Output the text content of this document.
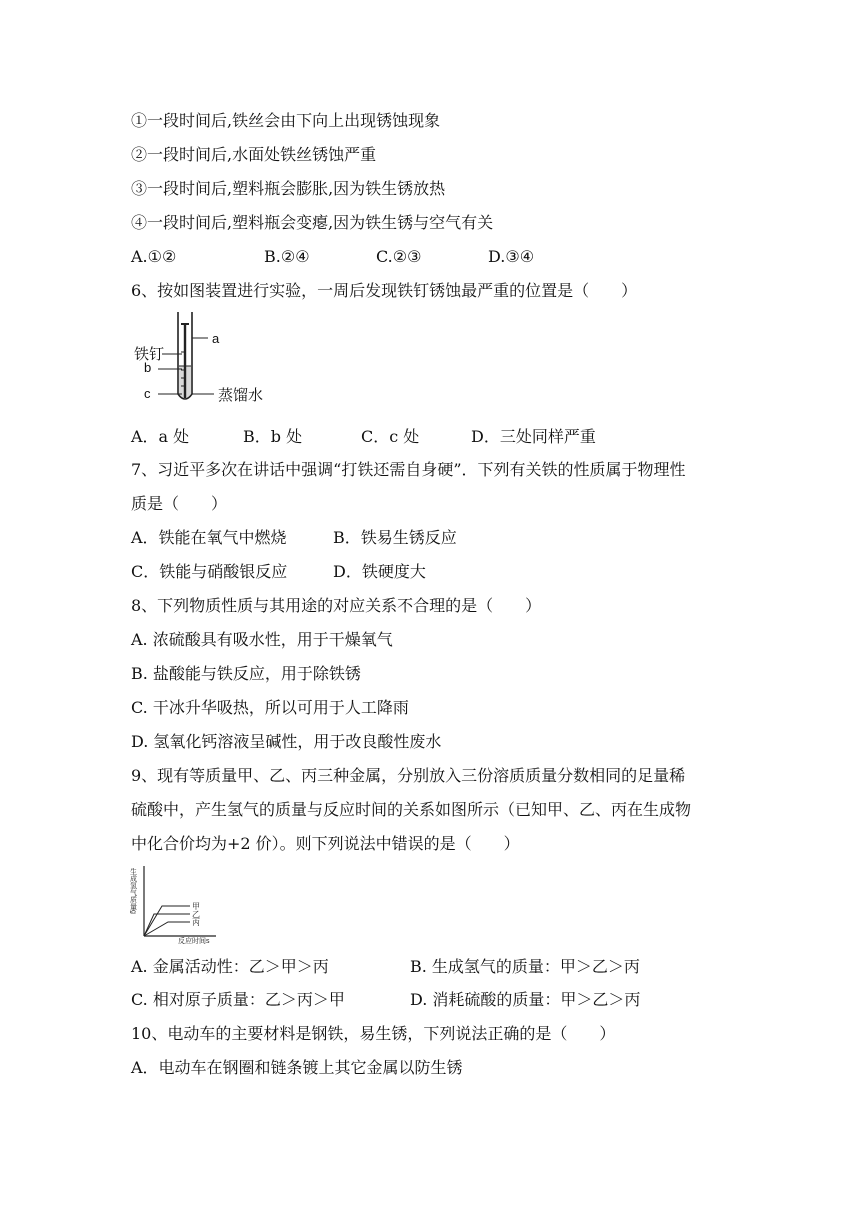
①一段时间后,铁丝会由下向上出现锈蚀现象
②一段时间后,水面处铁丝锈蚀严重
③一段时间后,塑料瓶会膨胀,因为铁生锈放热
④一段时间后,塑料瓶会变瘪,因为铁生锈与空气有关
A.①②	B.②④	C.②③	D.③④
6、按如图装置进行实验，一周后发现铁钉锈蚀最严重的位置是（　　）
铁钉
a
b
c	蒸馏水
A．a 处	B．b 处	C．c 处	D．三处同样严重
7、习近平多次在讲话中强调“打铁还需自身硬”．下列有关铁的性质属于物理性
质是（　　）
A．铁能在氧气中燃烧	B．铁易生锈反应
C．铁能与硝酸银反应	D．铁硬度大
8、下列物质性质与其用途的对应关系不合理的是（　　）
A. 浓硫酸具有吸水性，用于干燥氧气
B. 盐酸能与铁反应，用于除铁锈
C. 干冰升华吸热，所以可用于人工降雨
D. 氢氧化钙溶液呈碱性，用于改良酸性废水
9、现有等质量甲、乙、丙三种金属，分别放入三份溶质质量分数相同的足量稀
硫酸中，产生氢气的质量与反应时间的关系如图所示（已知甲、乙、丙在生成物
中化合价均为+2 价）。则下列说法中错误的是（　　）
生成氢气质量g
反应时间s
甲
乙
丙
A. 金属活动性：乙＞甲＞丙	B. 生成氢气的质量：甲＞乙＞丙
C. 相对原子质量：乙＞丙＞甲	D. 消耗硫酸的质量：甲＞乙＞丙
10、电动车的主要材料是钢铁，易生锈，下列说法正确的是（　　）
A．电动车在钢圈和链条镀上其它金属以防生锈
